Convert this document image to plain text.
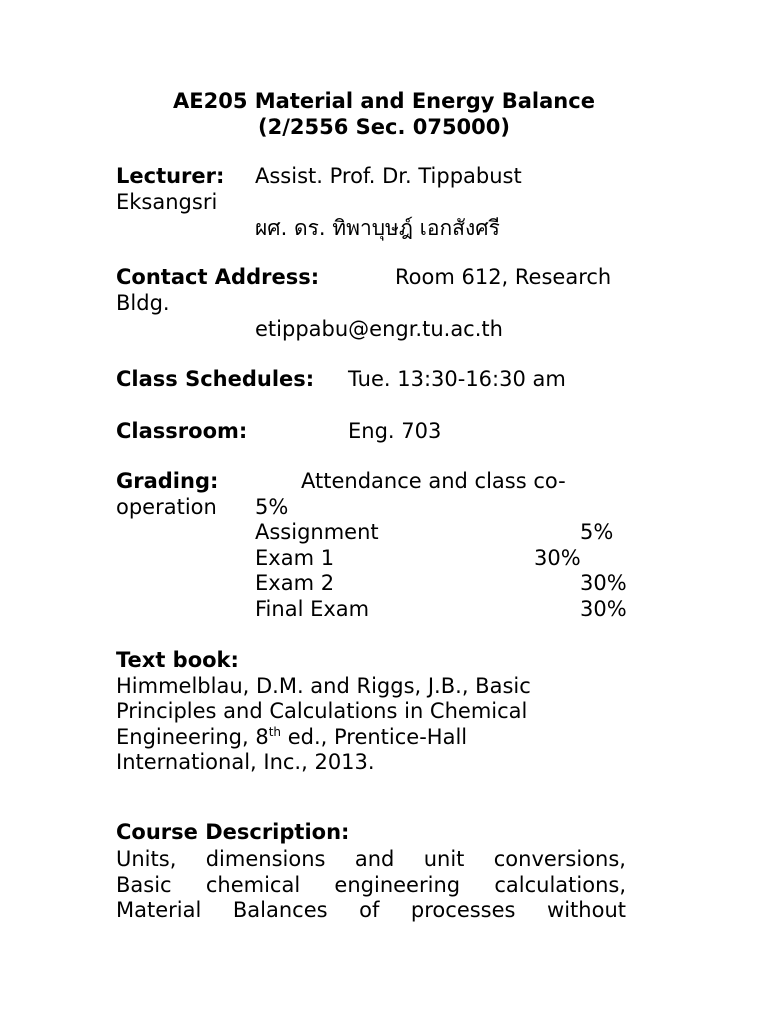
AE205 Material and Energy Balance
(2/2556 Sec. 075000)
Lecturer: Assist. Prof. Dr. Tippabust
Eksangsri
ผศ. ดร. ทิพาบุษฎ์ เอกสังศรี
Contact Address:	Room 612, Research
Bldg.
etippabu@engr.tu.ac.th
Class Schedules: Tue. 13:30-16:30 am
Classroom:	Eng. 703
Grading:	Attendance and class co-
operation 5%
Assignment	5%
Exam 1	30%
Exam 2	30%
Final Exam	30%
Text book:
Himmelblau, D.M. and Riggs, J.B., Basic
Principles and Calculations in Chemical
Engineering, 8th ed., Prentice-Hall
International, Inc., 2013.
Course Description:
Units, dimensions and unit conversions,
Basic chemical engineering calculations,
Material Balances of processes without
